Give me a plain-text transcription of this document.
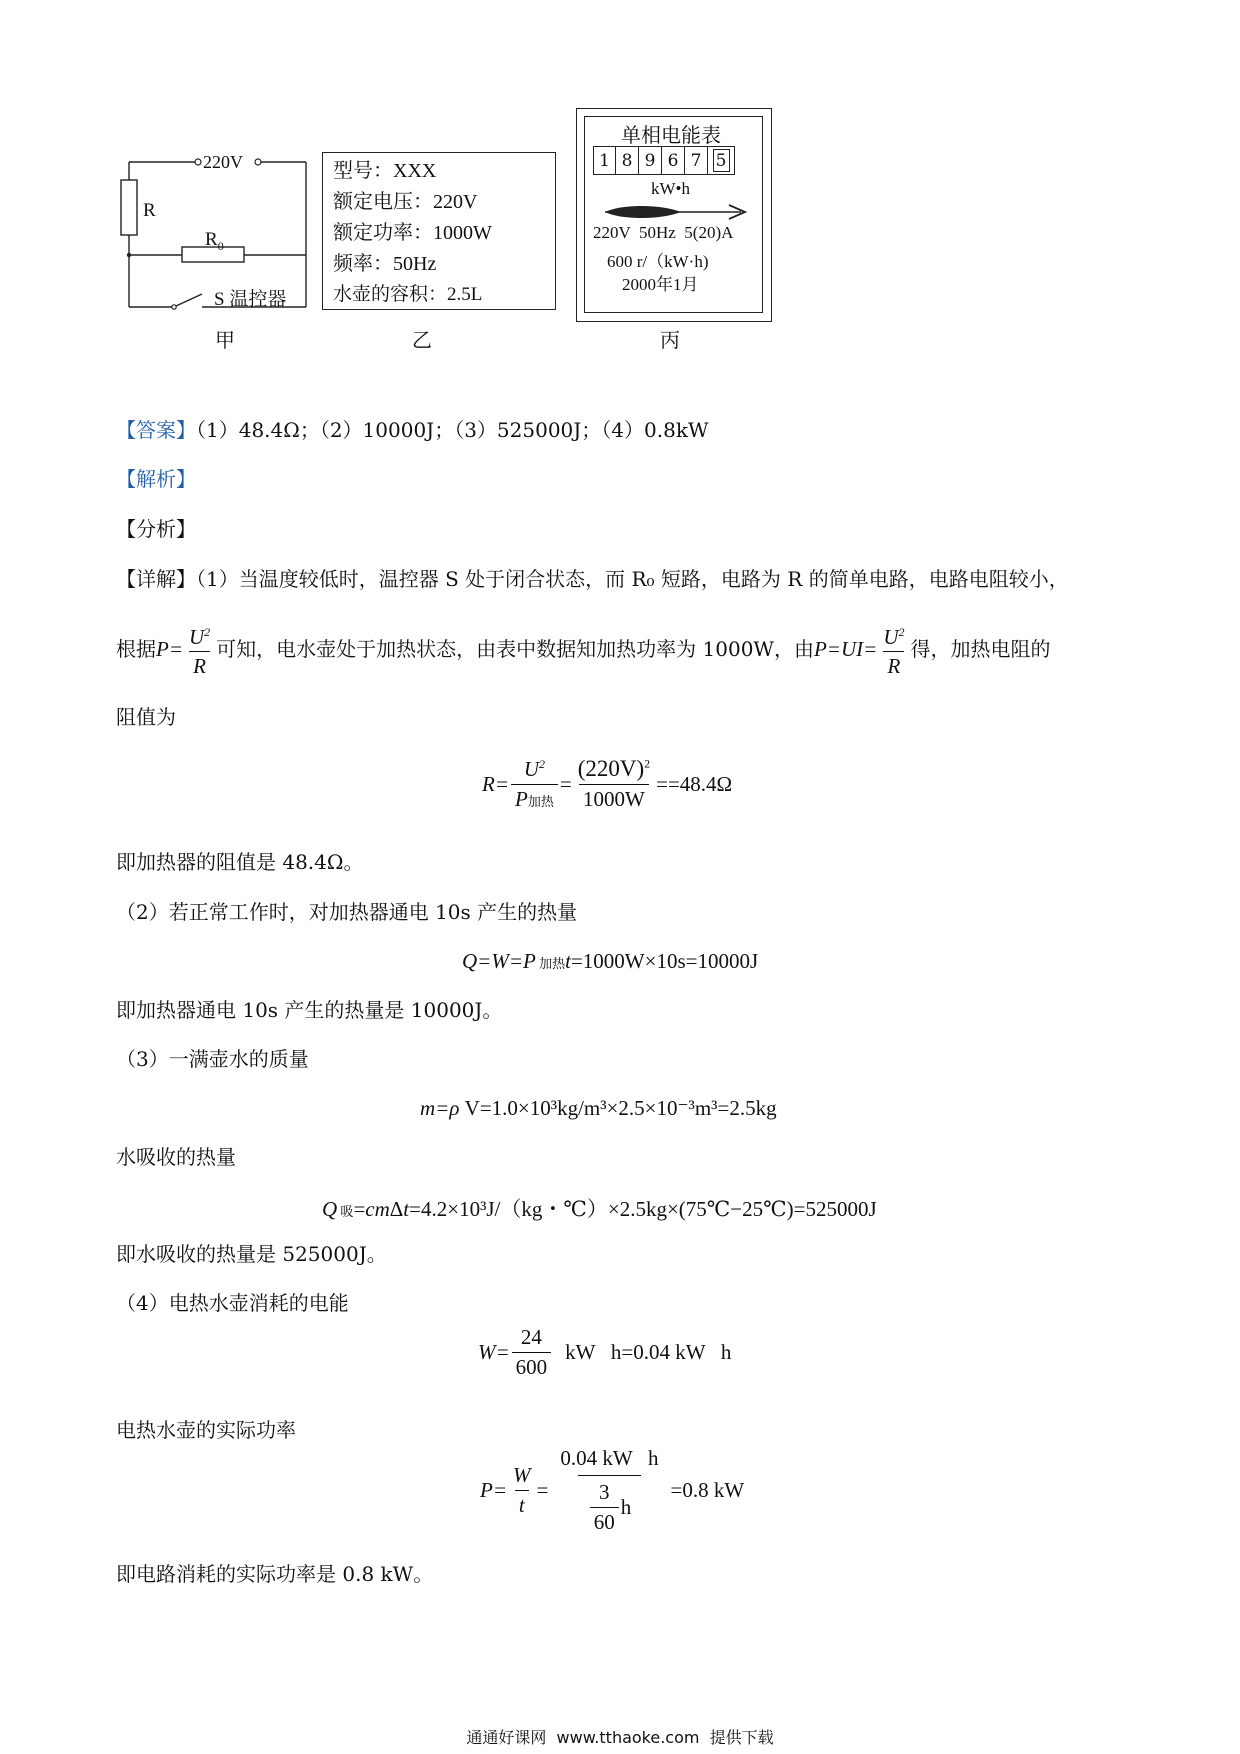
220V
R
$R_0$
S 温控器
甲
型号：XXX
额定电压：220V
额定功率：1000W
频率：50Hz
水壶的容积：2.5L
乙
单相电能表
1 8 9 6 7 5
kW•h
220V  50Hz  5(20)A
600 r/（kW·h)
2000年1月
丙
【答案】（1）48.4Ω；（2）10000J；（3）525000J；（4）0.8kW
【解析】
【分析】
【详解】（1）当温度较低时，温控器 S 处于闭合状态，而 R₀ 短路，电路为 R 的简单电路，电路电阻较小，
根据 $P= \frac{U^2}{R}$ 可知，电水壶处于加热状态，由表中数据知加热功率为 1000W，由 $P=UI= \frac{U^2}{R}$ 得，加热电阻的
阻值为
$R= \frac{U^2}{\text{P加热}} = \frac{(220V)^2}{1000W} ==48.4\Omega$
即加热器的阻值是 48.4Ω。
（2）若正常工作时，对加热器通电 10s 产生的热量
Q=W=P 加热t=1000W×10s=10000J
即加热器通电 10s 产生的热量是 10000J。
（3）一满壶水的质量
m=ρ V=1.0×10³kg/m³×2.5×10⁻³m³=2.5kg
水吸收的热量
Q 吸=cmΔt=4.2×10³J/（kg・℃）×2.5kg×(75℃−25℃)=525000J
即水吸收的热量是 525000J。
（4）电热水壶消耗的电能
$W= \frac{24}{600}$ kW   h=0.04 kW   h
电热水壶的实际功率
$P= \frac{W}{t} = \frac{\text{0.04 kW   h}}{\frac{3}{60} h} =0.8$ kW
即电路消耗的实际功率是 0.8 kW。
通通好课网  www.tthaoke.com  提供下载
